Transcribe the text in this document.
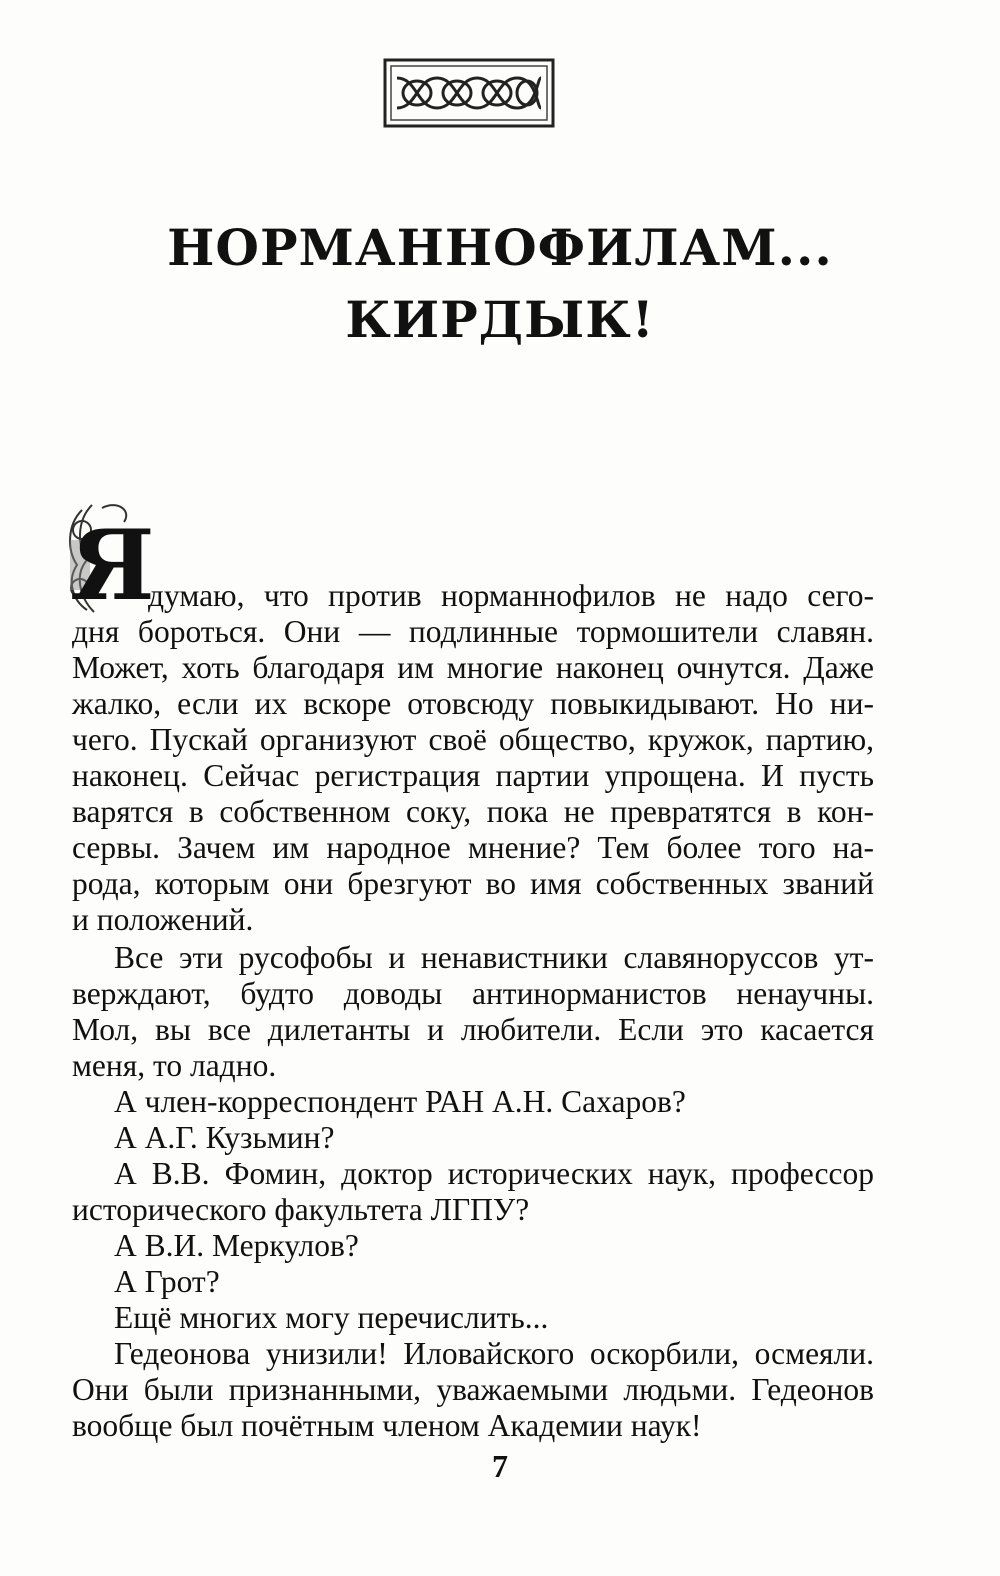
НОРМАННОФИЛАМ...
КИРДЫК!
Я
думаю, что против норманнофилов не надо сего-
дня бороться. Они — подлинные тормошители славян.
Может, хоть благодаря им многие наконец очнутся. Даже
жалко, если их вскоре отовсюду повыкидывают. Но ни-
чего. Пускай организуют своё общество, кружок, партию,
наконец. Сейчас регистрация партии упрощена. И пусть
варятся в собственном соку, пока не превратятся в кон-
сервы. Зачем им народное мнение? Тем более того на-
рода, которым они брезгуют во имя собственных званий
и положений.
Все эти русофобы и ненавистники славяноруссов ут-
верждают, будто доводы антинорманистов ненаучны.
Мол, вы все дилетанты и любители. Если это касается
меня, то ладно.
А член-корреспондент РАН А.Н. Сахаров?
А А.Г. Кузьмин?
А В.В. Фомин, доктор исторических наук, профессор
исторического факультета ЛГПУ?
А В.И. Меркулов?
А Грот?
Ещё многих могу перечислить...
Гедеонова унизили! Иловайского оскорбили, осмеяли.
Они были признанными, уважаемыми людьми. Гедеонов
вообще был почётным членом Академии наук!
7
